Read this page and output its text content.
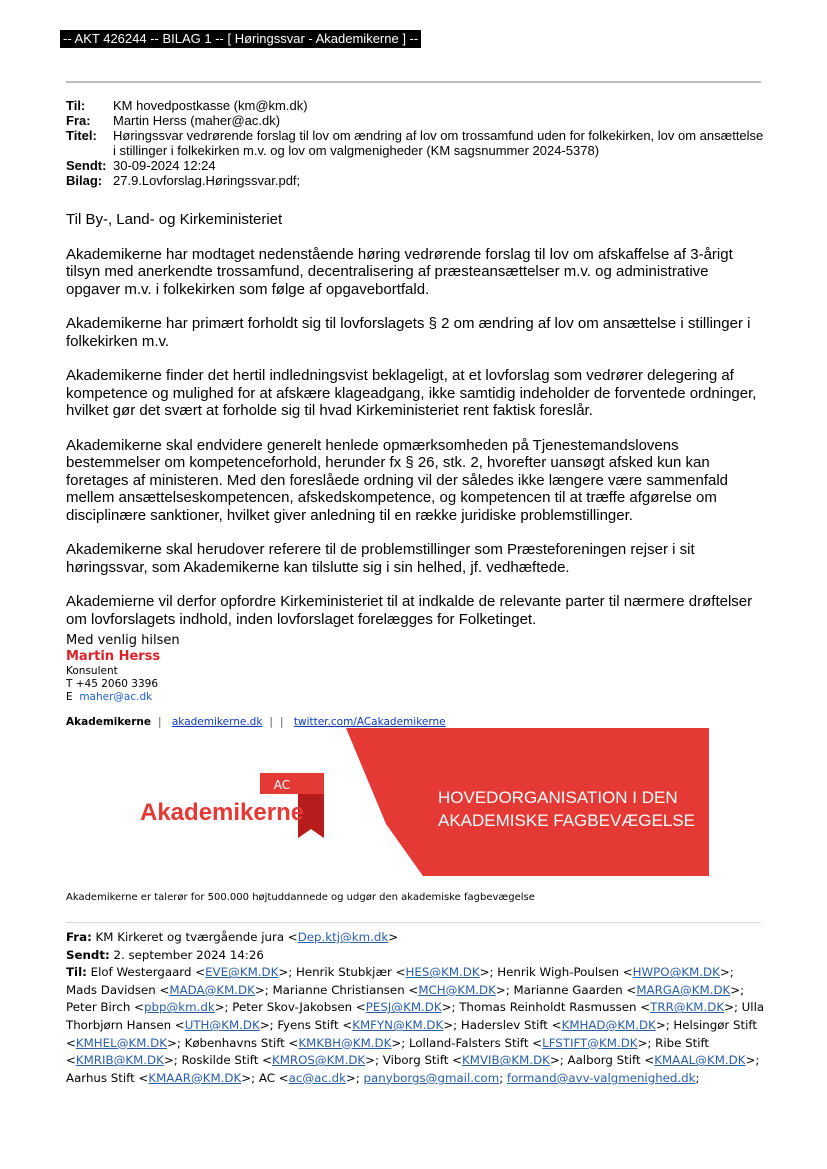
-- AKT 426244 -- BILAG 1 -- [ Høringssvar - Akademikerne ] --
Til:	KM hovedpostkasse (km@km.dk)
Fra:	Martin Herss (maher@ac.dk)
Titel:	Høringssvar vedrørende forslag til lov om ændring af lov om trossamfund uden for folkekirken, lov om ansættelse i stillinger i folkekirken m.v. og lov om valgmenigheder (KM sagsnummer 2024-5378)
Sendt: 30-09-2024 12:24
Bilag: 27.9.Lovforslag.Høringssvar.pdf;

Til By-, Land- og Kirkeministeriet

Akademikerne har modtaget nedenstående høring vedrørende forslag til lov om afskaffelse af 3-årigt tilsyn med anerkendte trossamfund, decentralisering af præsteansættelser m.v. og administrative opgaver m.v. i folkekirken som følge af opgavebortfald.

Akademikerne har primært forholdt sig til lovforslagets § 2 om ændring af lov om ansættelse i stillinger i folkekirken m.v.

Akademikerne finder det hertil indledningsvist beklageligt, at et lovforslag som vedrører delegering af kompetence og mulighed for at afskære klageadgang, ikke samtidig indeholder de forventede ordninger, hvilket gør det svært at forholde sig til hvad Kirkeministeriet rent faktisk foreslår.

Akademikerne skal endvidere generelt henlede opmærksomheden på Tjenestemandslovens bestemmelser om kompetenceforhold, herunder fx § 26, stk. 2, hvorefter uansøgt afsked kun kan foretages af ministeren. Med den foreslåede ordning vil der således ikke længere være sammenfald mellem ansættelseskompetencen, afskedskompetence, og kompetencen til at træffe afgørelse om disciplinære sanktioner, hvilket giver anledning til en række juridiske problemstillinger.

Akademikerne skal herudover referere til de problemstillinger som Præsteforeningen rejser i sit høringssvar, som Akademikerne kan tilslutte sig i sin helhed, jf. vedhæftede.

Akademierne vil derfor opfordre Kirkeministeriet til at indkalde de relevante parter til nærmere drøftelser om lovforslagets indhold, inden lovforslaget forelægges for Folketinget.

Med venlig hilsen
Martin Herss
Konsulent
T +45 2060 3396
E maher@ac.dk
Akademikerne | akademikerne.dk | | twitter.com/ACakademikerne
AC
Akademikerne
HOVEDORGANISATION I DEN
AKADEMISKE FAGBEVÆGELSE
Akademikerne er talerør for 500.000 højtuddannede og udgør den akademiske fagbevægelse
Fra: KM Kirkeret og tværgående jura <Dep.ktj@km.dk>
Sendt: 2. september 2024 14:26
Til: Elof Westergaard <EVE@KM.DK>; Henrik Stubkjær <HES@KM.DK>; Henrik Wigh-Poulsen <HWPO@KM.DK>; Mads Davidsen <MADA@KM.DK>; Marianne Christiansen <MCH@KM.DK>; Marianne Gaarden <MARGA@KM.DK>; Peter Birch <pbp@km.dk>; Peter Skov-Jakobsen <PESJ@KM.DK>; Thomas Reinholdt Rasmussen <TRR@KM.DK>; Ulla Thorbjørn Hansen <UTH@KM.DK>; Fyens Stift <KMFYN@KM.DK>; Haderslev Stift <KMHAD@KM.DK>; Helsingør Stift <KMHEL@KM.DK>; Københavns Stift <KMKBH@KM.DK>; Lolland-Falsters Stift <LFSTIFT@KM.DK>; Ribe Stift <KMRIB@KM.DK>; Roskilde Stift <KMROS@KM.DK>; Viborg Stift <KMVIB@KM.DK>; Aalborg Stift <KMAAL@KM.DK>; Aarhus Stift <KMAAR@KM.DK>; AC <ac@ac.dk>; panyborgs@gmail.com; formand@avv-valgmenighed.dk;
